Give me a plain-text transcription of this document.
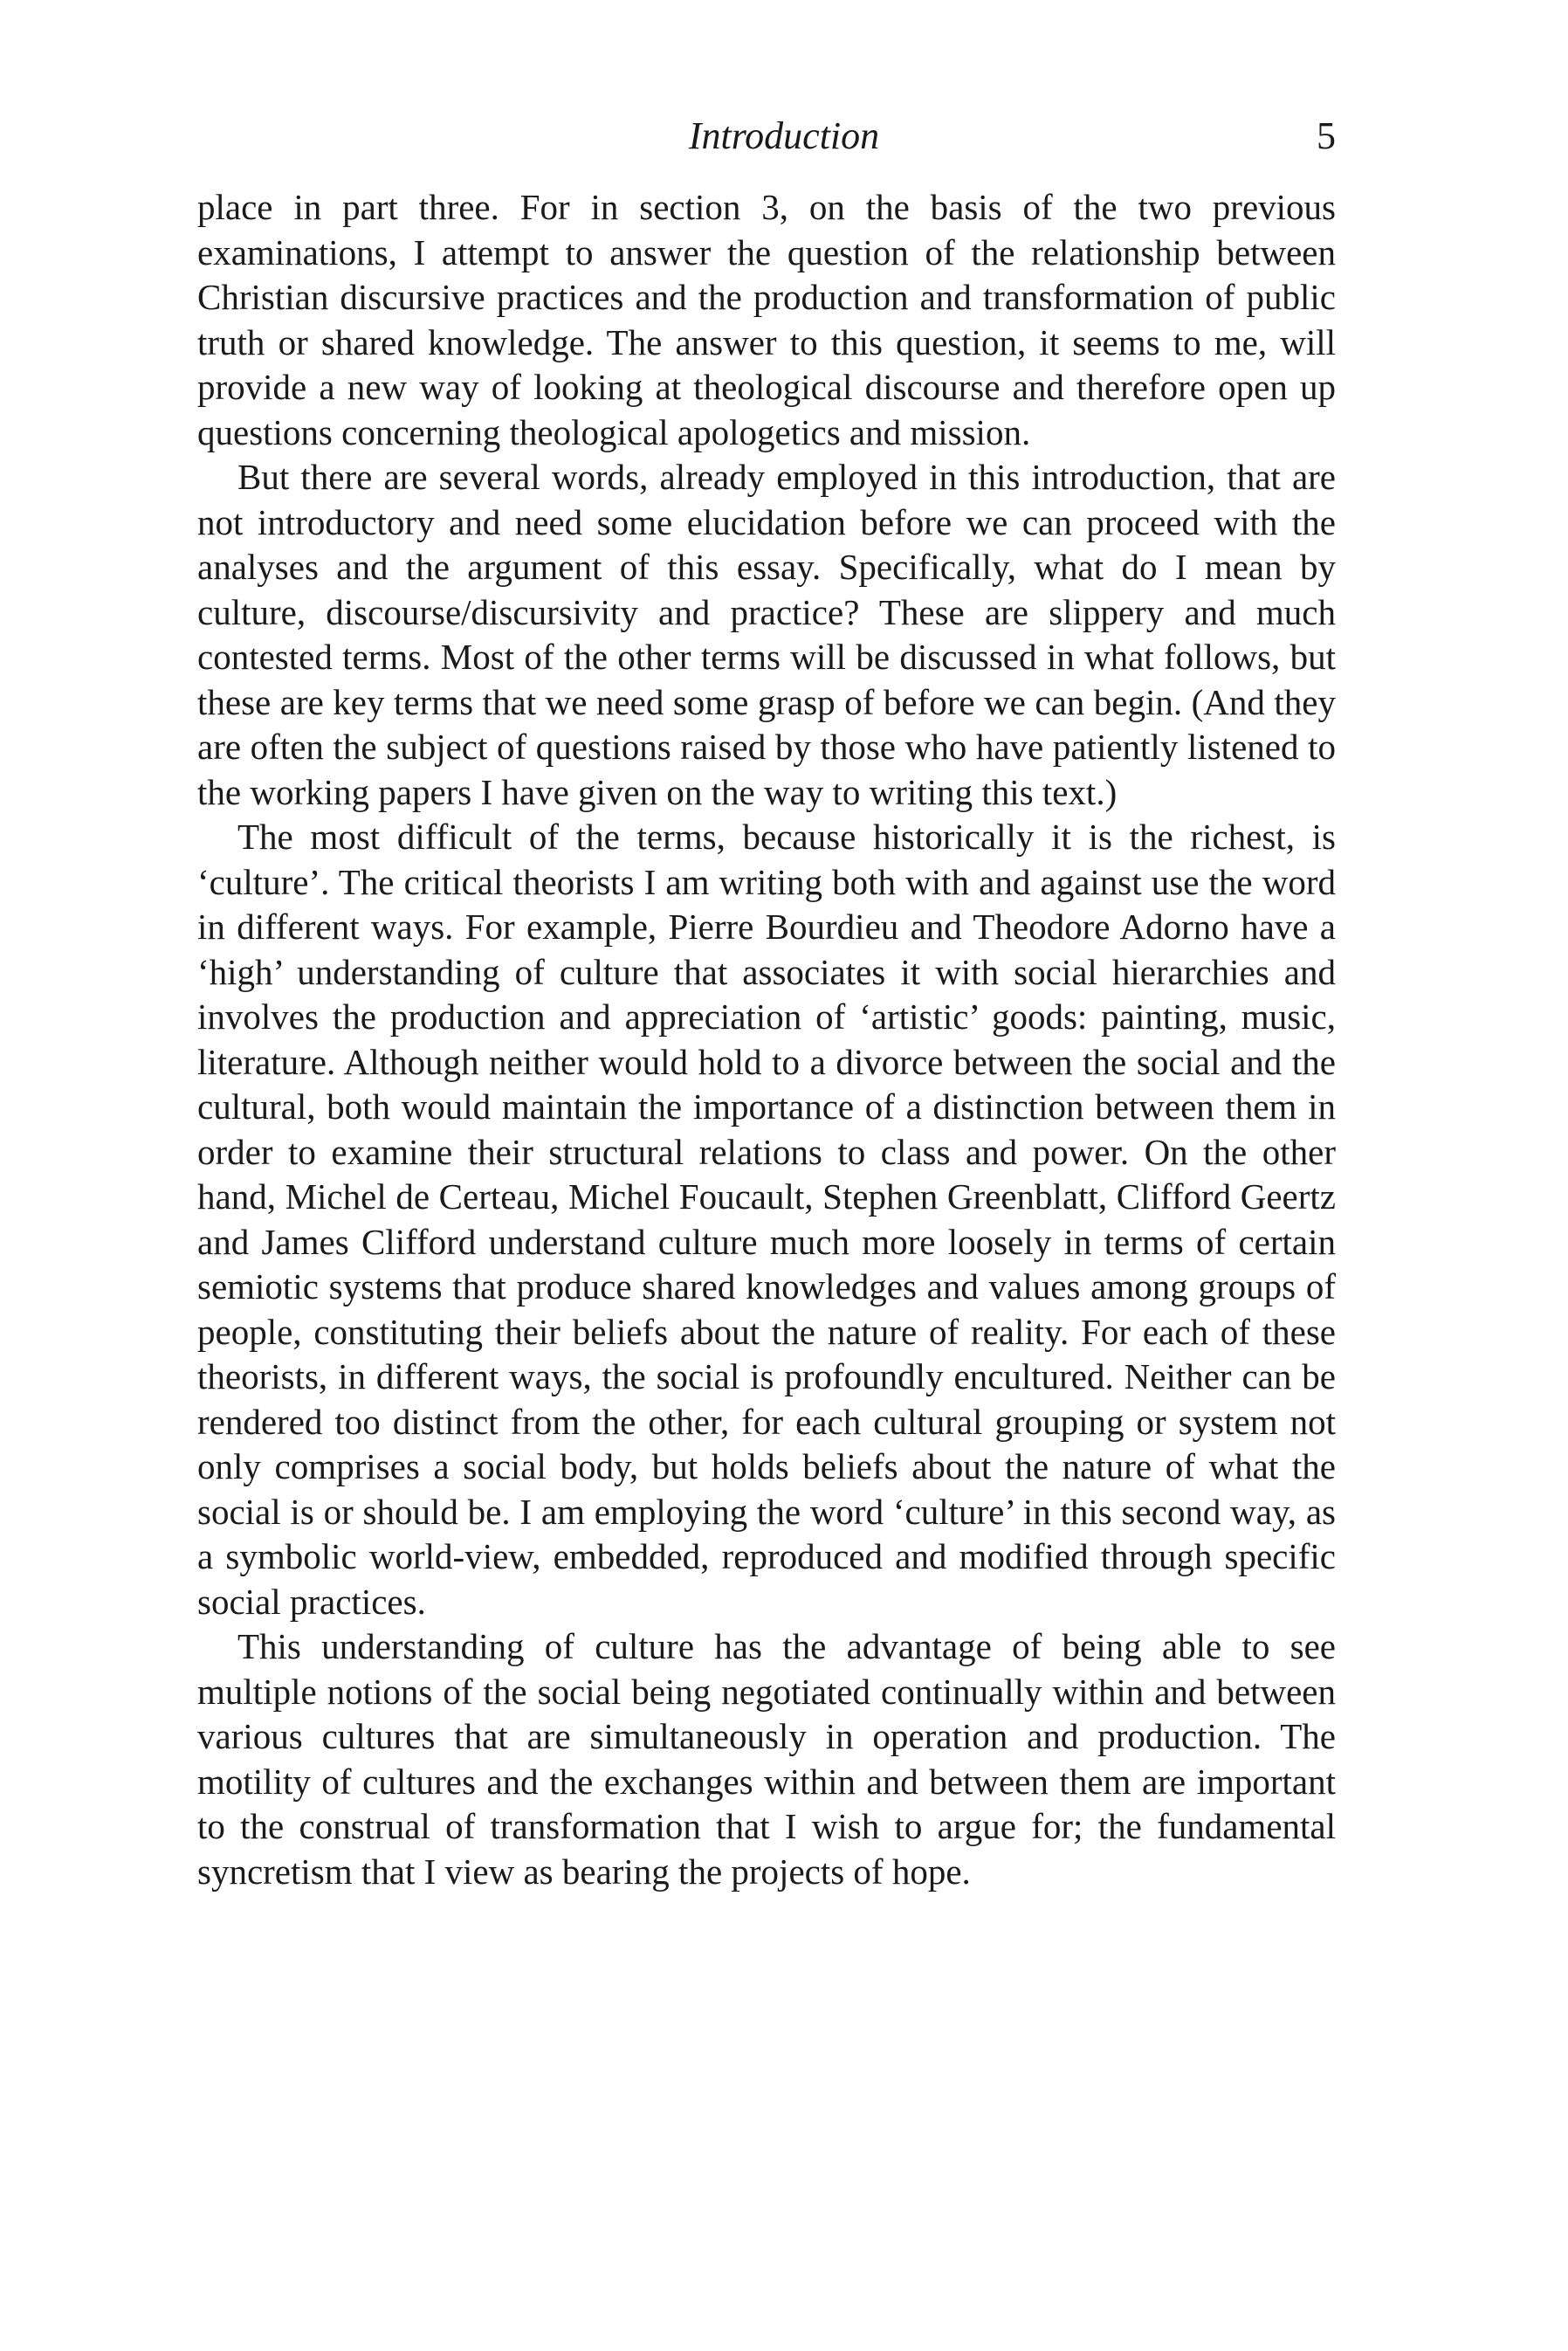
Introduction	5

place in part three. For in section 3, on the basis of the two previous examinations, I attempt to answer the question of the relationship between Christian discursive practices and the production and transformation of public truth or shared knowledge. The answer to this question, it seems to me, will provide a new way of looking at theological discourse and therefore open up questions concerning theological apologetics and mission.

But there are several words, already employed in this introduction, that are not introductory and need some elucidation before we can proceed with the analyses and the argument of this essay. Specifically, what do I mean by culture, discourse/discursivity and practice? These are slippery and much contested terms. Most of the other terms will be discussed in what follows, but these are key terms that we need some grasp of before we can begin. (And they are often the subject of questions raised by those who have patiently listened to the working papers I have given on the way to writing this text.)

The most difficult of the terms, because historically it is the richest, is ‘culture’. The critical theorists I am writing both with and against use the word in different ways. For example, Pierre Bourdieu and Theodore Adorno have a ‘high’ understanding of culture that associates it with social hierarchies and involves the production and appreciation of ‘artistic’ goods: painting, music, literature. Although neither would hold to a divorce between the social and the cultural, both would maintain the importance of a distinction between them in order to examine their structural relations to class and power. On the other hand, Michel de Certeau, Michel Foucault, Stephen Greenblatt, Clifford Geertz and James Clifford understand culture much more loosely in terms of certain semiotic systems that produce shared knowledges and values among groups of people, constituting their beliefs about the nature of reality. For each of these theorists, in different ways, the social is profoundly encultured. Neither can be rendered too distinct from the other, for each cultural grouping or system not only comprises a social body, but holds beliefs about the nature of what the social is or should be. I am employing the word ‘culture’ in this second way, as a symbolic world-view, embedded, reproduced and modified through specific social practices.

This understanding of culture has the advantage of being able to see multiple notions of the social being negotiated continually within and between various cultures that are simultaneously in operation and production. The motility of cultures and the exchanges within and between them are important to the construal of transformation that I wish to argue for; the fundamental syncretism that I view as bearing the projects of hope.
